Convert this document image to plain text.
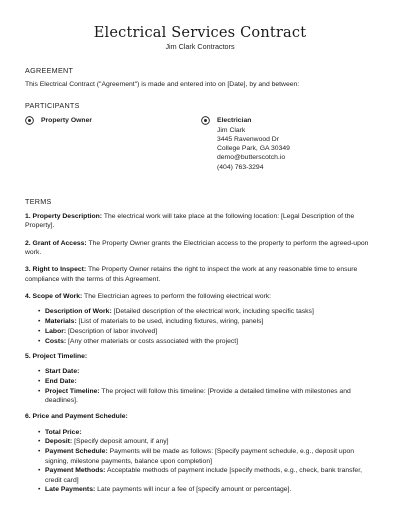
Electrical Services Contract
Jim Clark Contractors
AGREEMENT
This Electrical Contract ("Agreement") is made and entered into on [Date], by and between:
PARTICIPANTS
Property Owner	Electrician
Jim Clark
3445 Ravenwood Dr
College Park, GA 30349
demo@butterscotch.io
(404) 763-3294
TERMS
1. Property Description: The electrical work will take place at the following location: [Legal Description of the Property].
2. Grant of Access: The Property Owner grants the Electrician access to the property to perform the agreed-upon work.
3. Right to Inspect: The Property Owner retains the right to inspect the work at any reasonable time to ensure compliance with the terms of this Agreement.
4. Scope of Work: The Electrician agrees to perform the following electrical work:
• Description of Work: [Detailed description of the electrical work, including specific tasks]
• Materials: [List of materials to be used, including fixtures, wiring, panels]
• Labor: [Description of labor involved]
• Costs: [Any other materials or costs associated with the project]
5. Project Timeline:
• Start Date:
• End Date:
• Project Timeline: The project will follow this timeline: [Provide a detailed timeline with milestones and deadlines].
6. Price and Payment Schedule:
• Total Price:
• Deposit: [Specify deposit amount, if any]
• Payment Schedule: Payments will be made as follows: [Specify payment schedule, e.g., deposit upon signing, milestone payments, balance upon completion]
• Payment Methods: Acceptable methods of payment include [specify methods, e.g., check, bank transfer, credit card]
• Late Payments: Late payments will incur a fee of [specify amount or percentage].
